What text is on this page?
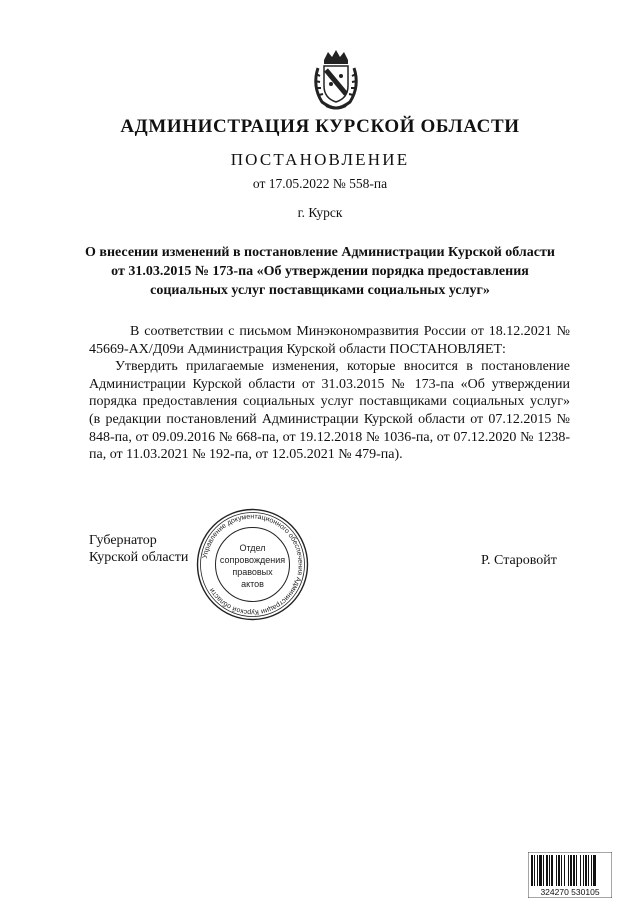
АДМИНИСТРАЦИЯ КУРСКОЙ ОБЛАСТИ
ПОСТАНОВЛЕНИЕ
от 17.05.2022 № 558-па
г. Курск
О внесении изменений в постановление Администрации Курской области от 31.03.2015 № 173-па «Об утверждении порядка предоставления социальных услуг поставщиками социальных услуг»

В соответствии с письмом Минэкономразвития России от 18.12.2021 № 45669-АХ/Д09и Администрация Курской области ПОСТАНОВЛЯЕТ:

Утвердить прилагаемые изменения, которые вносится в постановление Администрации Курской области от 31.03.2015 № 173-па «Об утверждении порядка предоставления социальных услуг поставщиками социальных услуг» (в редакции постановлений Администрации Курской области от 07.12.2015 № 848-па, от 09.09.2016 № 668-па, от 19.12.2018 № 1036-па, от 07.12.2020 № 1238-па, от 11.03.2021 № 192-па, от 12.05.2021 № 479-па).

Губернатор Курской области	Р. Старовойт
Управление документационного обеспечения Администрации Курской области
Отдел
сопровождения
правовых
актов
324270 530105
